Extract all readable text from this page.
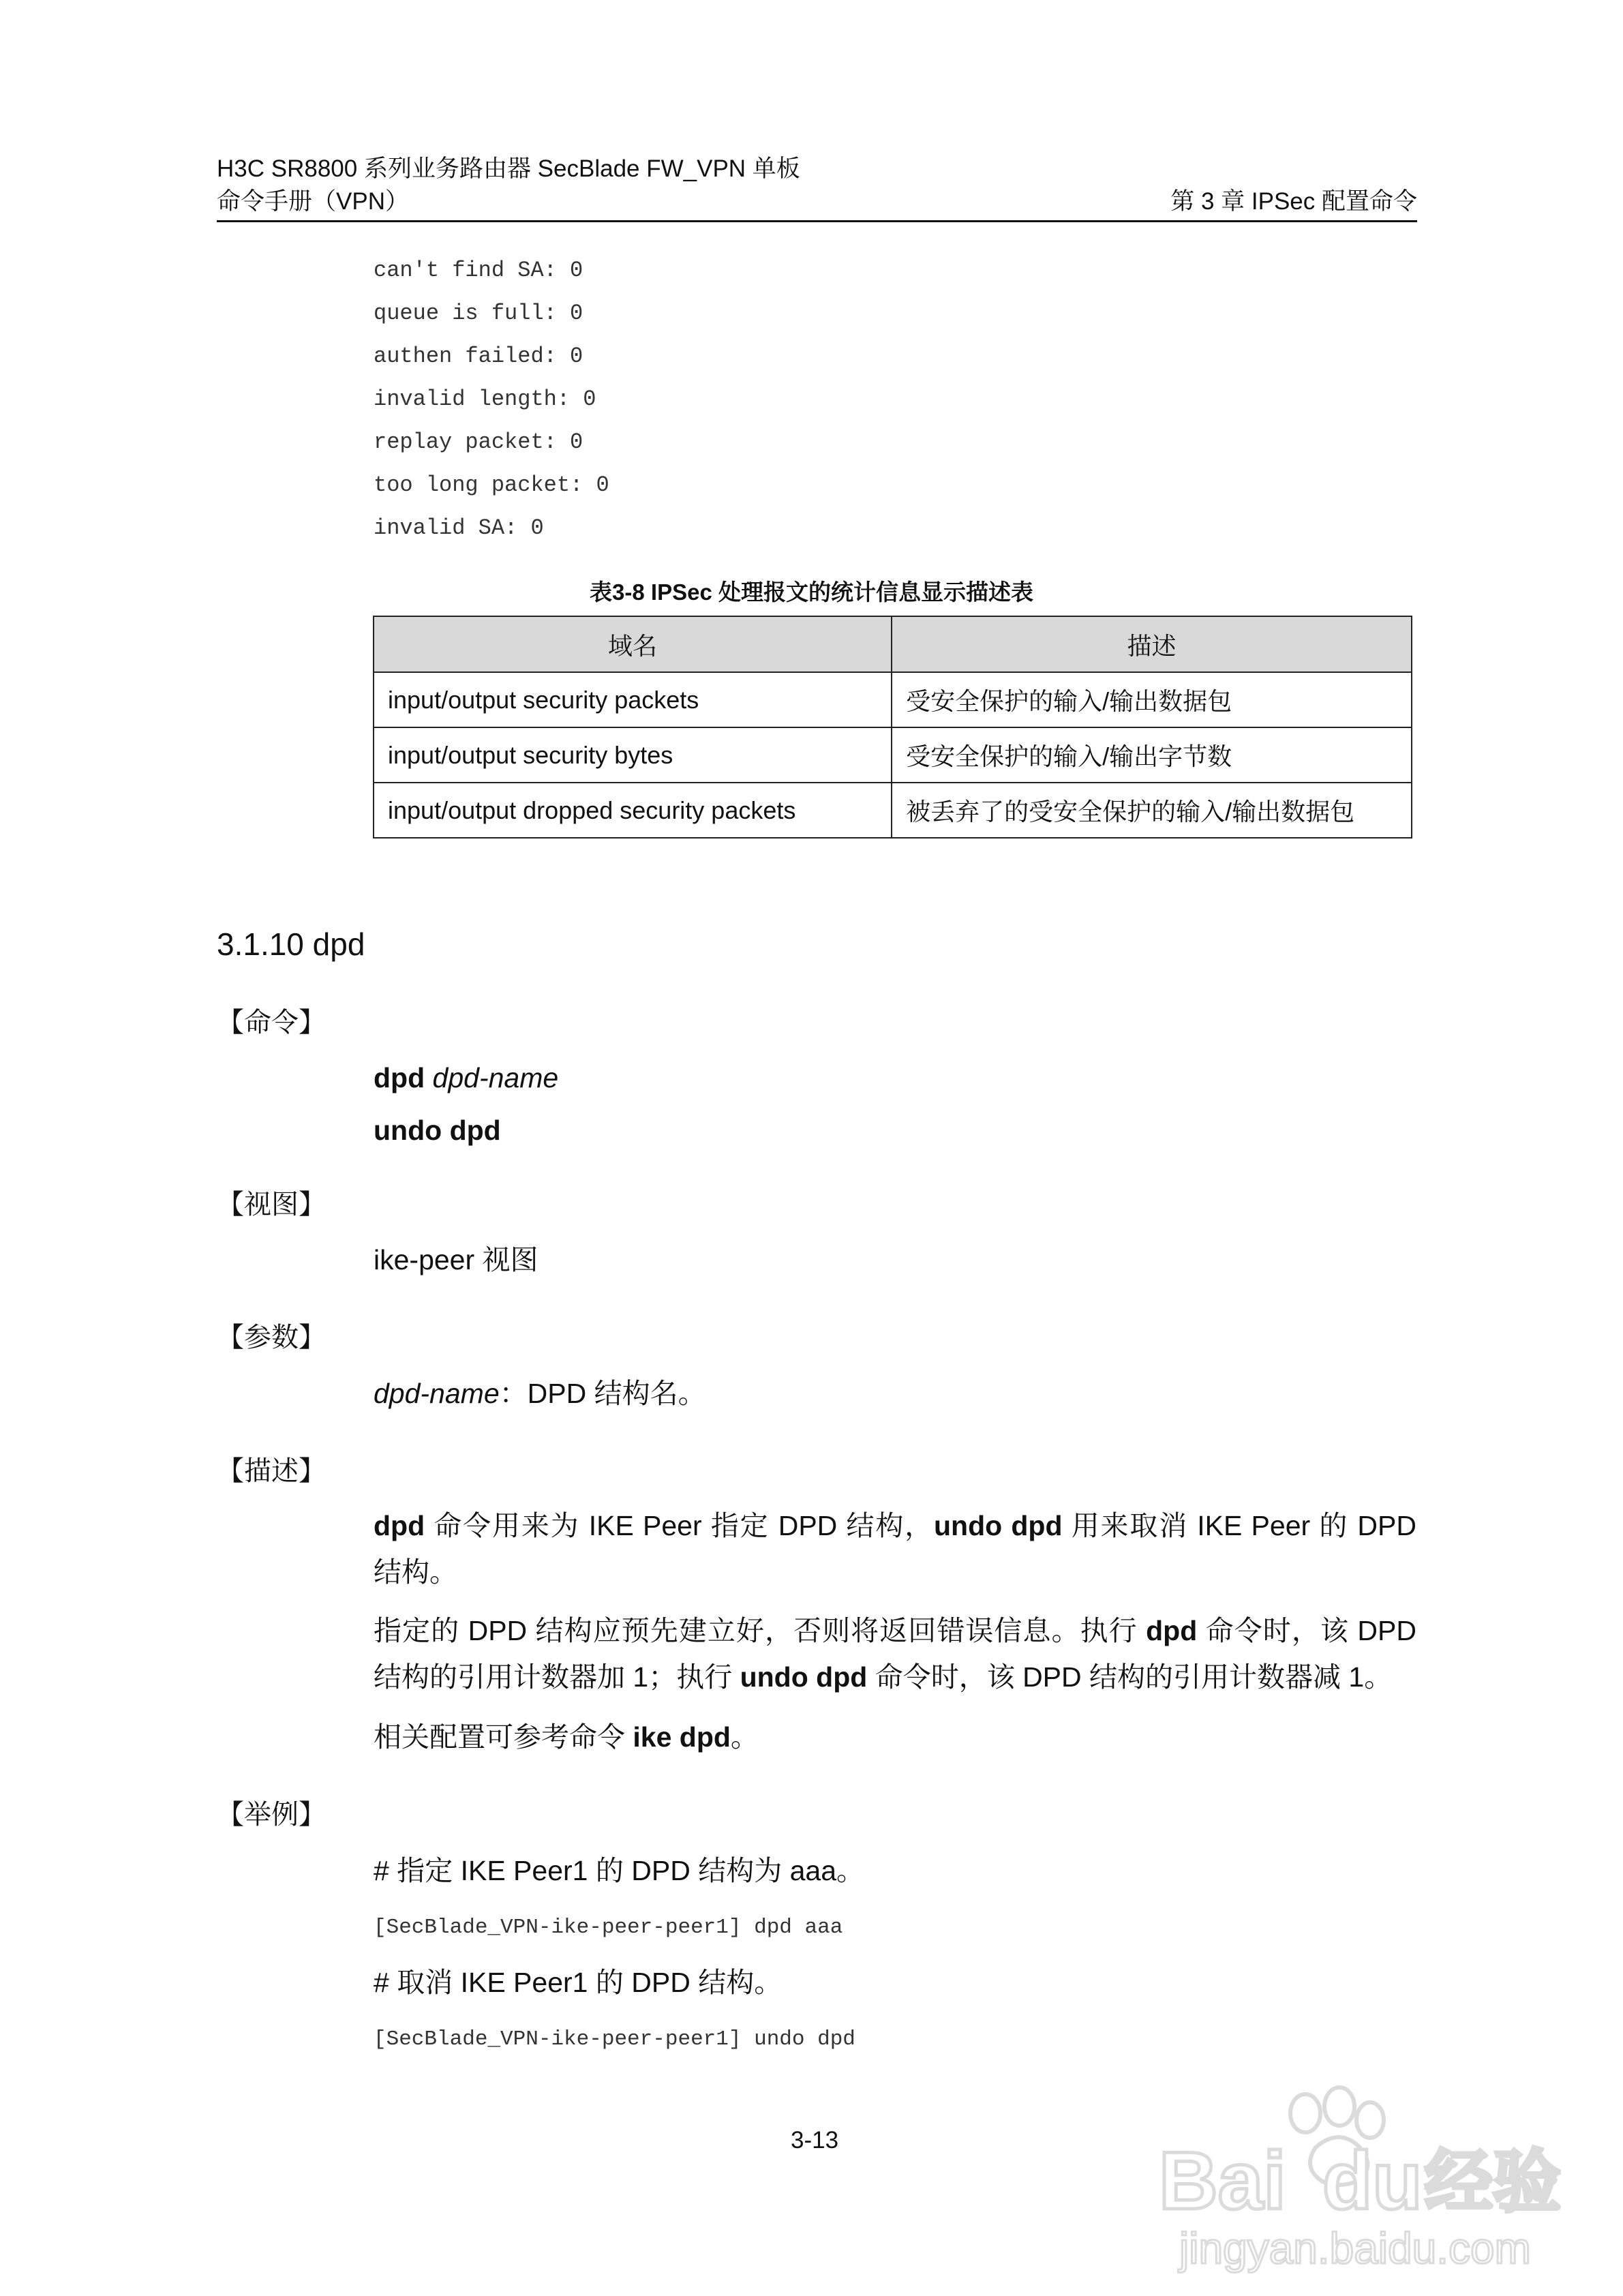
H3C SR8800 系列业务路由器 SecBlade FW_VPN 单板
命令手册（VPN）	第 3 章 IPSec 配置命令
can't find SA: 0
queue is full: 0
authen failed: 0
invalid length: 0
replay packet: 0
too long packet: 0
invalid SA: 0
表3-8 IPSec 处理报文的统计信息显示描述表
域名	描述
input/output security packets	受安全保护的输入/输出数据包
input/output security bytes	受安全保护的输入/输出字节数
input/output dropped security packets	被丢弃了的受安全保护的输入/输出数据包
3.1.10 dpd
【命令】
dpd dpd-name
undo dpd
【视图】
ike-peer 视图
【参数】
dpd-name：DPD 结构名。
【描述】
dpd 命令用来为 IKE Peer 指定 DPD 结构，undo dpd 用来取消 IKE Peer 的 DPD 结构。
指定的 DPD 结构应预先建立好，否则将返回错误信息。执行 dpd 命令时，该 DPD 结构的引用计数器加 1；执行 undo dpd 命令时，该 DPD 结构的引用计数器减 1。
相关配置可参考命令 ike dpd。
【举例】
# 指定 IKE Peer1 的 DPD 结构为 aaa。
[SecBlade_VPN-ike-peer-peer1] dpd aaa
# 取消 IKE Peer1 的 DPD 结构。
[SecBlade_VPN-ike-peer-peer1] undo dpd
3-13	Bai du 经验
jingyan.baidu.com
